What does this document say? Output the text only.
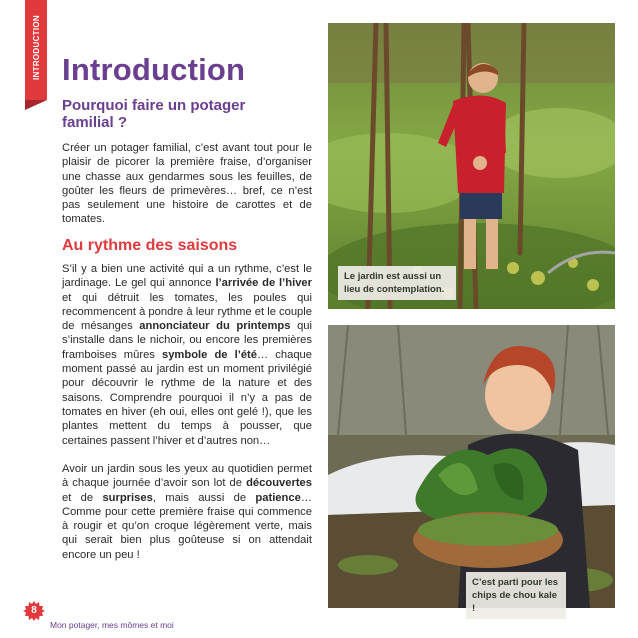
INTRODUCTION Introduction
Pourquoi faire un potager familial ?

Créer un potager familial, c’est avant tout pour le plaisir de picorer la première fraise, d’organiser une chasse aux gendarmes sous les feuilles, de goûter les fleurs de primevères… bref, ce n’est pas seulement une histoire de carottes et de tomates.

Au rythme des saisons

S’il y a bien une activité qui a un rythme, c’est le jardinage. Le gel qui annonce l’arrivée de l’hiver et qui détruit les tomates, les poules qui recommencent à pondre à leur rythme et le couple de mésanges annonciateur du printemps qui s’installe dans le nichoir, ou encore les premières framboises mûres symbole de l’été… chaque moment passé au jardin est un moment privilégié pour découvrir le rythme de la nature et des saisons. Comprendre pourquoi il n’y a pas de tomates en hiver (eh oui, elles ont gelé !), que les plantes mettent du temps à pousser, que certaines passent l’hiver et d’autres non…

Avoir un jardin sous les yeux au quotidien permet à chaque journée d’avoir son lot de découvertes et de surprises, mais aussi de patience… Comme pour cette première fraise qui commence à rougir et qu’on croque légèrement verte, mais qui serait bien plus goûteuse si on attendait encore un peu !

Le jardin est aussi un lieu de contemplation.
C’est parti pour les chips de chou kale !
8
Mon potager, mes mômes et moi
